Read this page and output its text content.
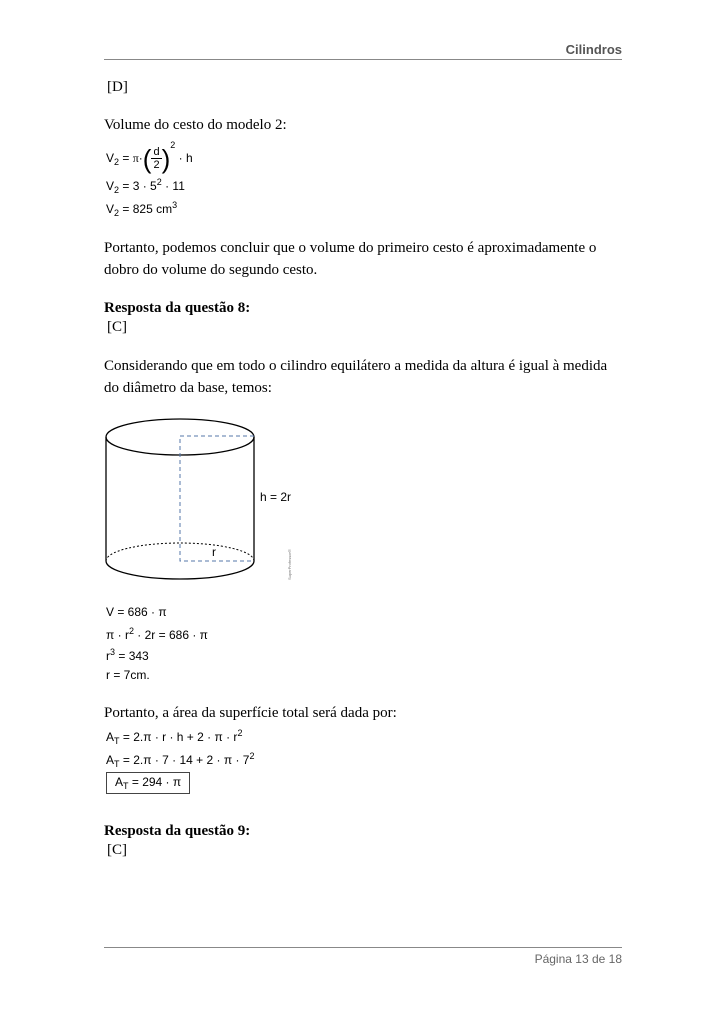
Cilindros
[D]
Volume do cesto do modelo 2:
$V_2 = \pi\cdot( \frac{d}{2} )^2 \cdot h$
$V_2 = 3 \cdot 5^2 \cdot 11$
$V_2 = 825$ $cm^3$
Portanto, podemos concluir que o volume do primeiro cesto é aproximadamente o dobro do volume do segundo cesto.
Resposta da questão 8:
[C]
Considerando que em todo o cilindro equilátero a medida da altura é igual à medida do diâmetro da base, temos:
h = 2r
r	SuperProfessor®
V = 686 · π
$\pi \cdot r^2 \cdot 2r = 686 \cdot \pi$
$r^3 = 343$
r = 7cm.
Portanto, a área da superfície total será dada por:
$A_T = 2.\pi \cdot r \cdot h + 2 \cdot \pi \cdot r^2$
$A_T = 2.\pi \cdot 7 \cdot 14 + 2 \cdot \pi \cdot 7^2$
$A_T = 294 \cdot \pi$
Resposta da questão 9:
[C]
Página 13 de 18
